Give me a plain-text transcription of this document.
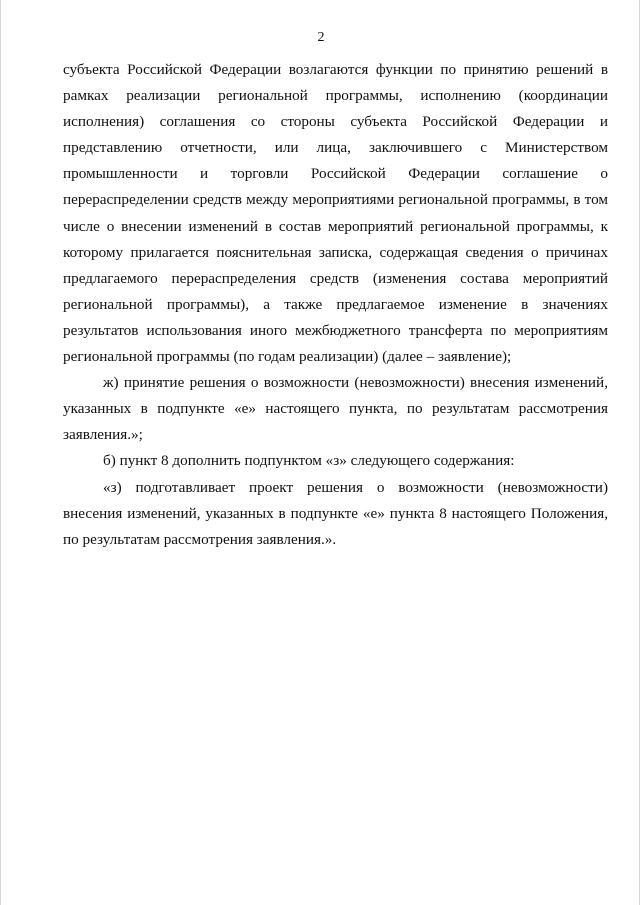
2

субъекта Российской Федерации возлагаются функции по принятию решений в рамках реализации региональной программы, исполнению (координации исполнения) соглашения со стороны субъекта Российской Федерации и представлению отчетности, или лица, заключившего с Министерством промышленности и торговли Российской Федерации соглашение о перераспределении средств между мероприятиями региональной программы, в том числе о внесении изменений в состав мероприятий региональной программы, к которому прилагается пояснительная записка, содержащая сведения о причинах предлагаемого перераспределения средств (изменения состава мероприятий региональной программы), а также предлагаемое изменение в значениях результатов использования иного межбюджетного трансферта по мероприятиям региональной программы (по годам реализации) (далее – заявление);

ж) принятие решения о возможности (невозможности) внесения изменений, указанных в подпункте «е» настоящего пункта, по результатам рассмотрения заявления.»;

б) пункт 8 дополнить подпунктом «з» следующего содержания:

«з) подготавливает проект решения о возможности (невозможности) внесения изменений, указанных в подпункте «е» пункта 8 настоящего Положения, по результатам рассмотрения заявления.».
